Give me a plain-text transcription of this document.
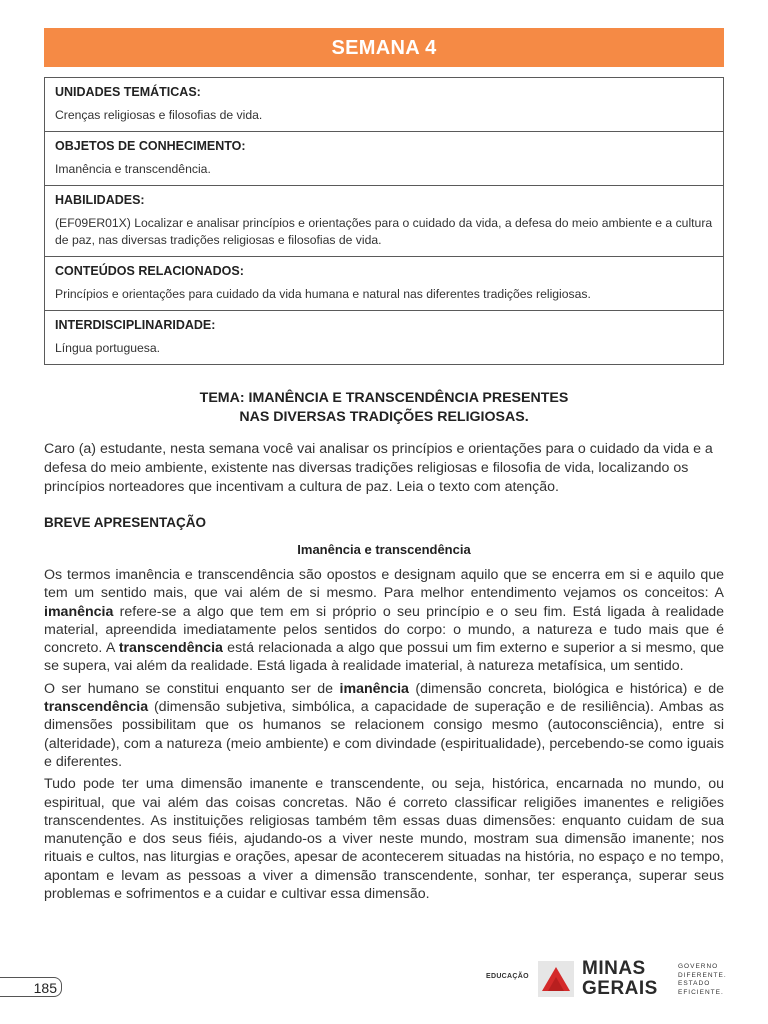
SEMANA 4
UNIDADES TEMÁTICAS:
Crenças religiosas e filosofias de vida.
OBJETOS DE CONHECIMENTO:
Imanência e transcendência.
HABILIDADES:
(EF09ER01X) Localizar e analisar princípios e orientações para o cuidado da vida, a defesa do meio ambiente e a cultura de paz, nas diversas tradições religiosas e filosofias de vida.
CONTEÚDOS RELACIONADOS:
Princípios e orientações para cuidado da vida humana e natural nas diferentes tradições religiosas.
INTERDISCIPLINARIDADE:
Língua portuguesa.
TEMA: IMANÊNCIA E TRANSCENDÊNCIA PRESENTES
NAS DIVERSAS TRADIÇÕES RELIGIOSAS.
Caro (a) estudante, nesta semana você vai analisar os princípios e orientações para o cuidado da vida e a defesa do meio ambiente, existente nas diversas tradições religiosas e filosofia de vida, localizando os princípios norteadores que incentivam a cultura de paz. Leia o texto com atenção.
BREVE APRESENTAÇÃO
Imanência e transcendência

Os termos imanência e transcendência são opostos e designam aquilo que se encerra em si e aquilo que tem um sentido mais, que vai além de si mesmo. Para melhor entendimento vejamos os conceitos: A imanência refere-se a algo que tem em si próprio o seu princípio e o seu fim. Está ligada à realidade material, apreendida imediatamente pelos sentidos do corpo: o mundo, a natureza e tudo mais que é concreto. A transcendência está relacionada a algo que possui um fim externo e superior a si mesmo, que se supera, vai além da realidade. Está ligada à realidade imaterial, à natureza metafísica, um sentido.

O ser humano se constitui enquanto ser de imanência (dimensão concreta, biológica e histórica) e de transcendência (dimensão subjetiva, simbólica, a capacidade de superação e de resiliência). Ambas as dimensões possibilitam que os humanos se relacionem consigo mesmo (autoconsciência), entre si (alteridade), com a natureza (meio ambiente) e com divindade (espiritualidade), percebendo-se como iguais e diferentes.

Tudo pode ter uma dimensão imanente e transcendente, ou seja, histórica, encarnada no mundo, ou espiritual, que vai além das coisas concretas. Não é correto classificar religiões imanentes e religiões transcendentes. As instituições religiosas também têm essas duas dimensões: enquanto cuidam de sua manutenção e dos seus fiéis, ajudando-os a viver neste mundo, mostram sua dimensão imanente; nos rituais e cultos, nas liturgias e orações, apesar de acontecerem situadas na história, no espaço e no tempo, apontam e levam as pessoas a viver a dimensão transcendente, sonhar, ter esperança, superar seus problemas e sofrimentos e a cuidar e cultivar essa dimensão.

185
EDUCAÇÃO	MINAS
GERAIS
GOVERNO
DIFERENTE.
ESTADO
EFICIENTE.
